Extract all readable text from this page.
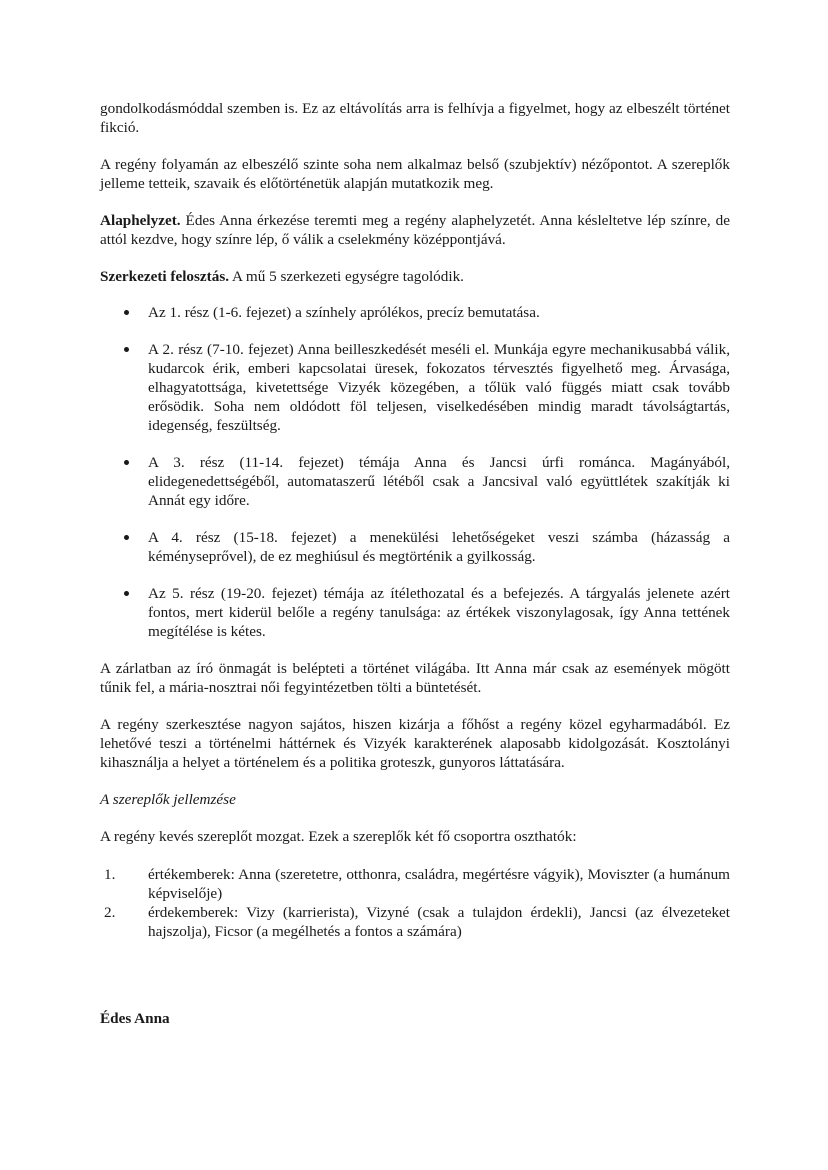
gondolkodásmóddal szemben is. Ez az eltávolítás arra is felhívja a figyelmet, hogy az elbeszélt történet fikció.

A regény folyamán az elbeszélő szinte soha nem alkalmaz belső (szubjektív) nézőpontot. A szereplők jelleme tetteik, szavaik és előtörténetük alapján mutatkozik meg.

Alaphelyzet. Édes Anna érkezése teremti meg a regény alaphelyzetét. Anna késleltetve lép színre, de attól kezdve, hogy színre lép, ő válik a cselekmény középpontjává.

Szerkezeti felosztás. A mű 5 szerkezeti egységre tagolódik.

Az 1. rész (1-6. fejezet) a színhely aprólékos, precíz bemutatása.
A 2. rész (7-10. fejezet) Anna beilleszkedését meséli el. Munkája egyre mechanikusabbá válik, kudarcok érik, emberi kapcsolatai üresek, fokozatos térvesztés figyelhető meg. Árvasága, elhagyatottsága, kivetettsége Vizyék közegében, a tőlük való függés miatt csak tovább erősödik. Soha nem oldódott föl teljesen, viselkedésében mindig maradt távolságtartás, idegenség, feszültség.
A 3. rész (11-14. fejezet) témája Anna és Jancsi úrfi románca. Magányából, elidegenedettségéből, automataszerű létéből csak a Jancsival való együttlétek szakítják ki Annát egy időre.
A 4. rész (15-18. fejezet) a menekülési lehetőségeket veszi számba (házasság a kéményseprővel), de ez meghiúsul és megtörténik a gyilkosság.
Az 5. rész (19-20. fejezet) témája az ítélethozatal és a befejezés. A tárgyalás jelenete azért fontos, mert kiderül belőle a regény tanulsága: az értékek viszonylagosak, így Anna tettének megítélése is kétes.

A zárlatban az író önmagát is belépteti a történet világába. Itt Anna már csak az események mögött tűnik fel, a mária-nosztrai női fegyintézetben tölti a büntetését.

A regény szerkesztése nagyon sajátos, hiszen kizárja a főhőst a regény közel egyharmadából. Ez lehetővé teszi a történelmi háttérnek és Vizyék karakterének alaposabb kidolgozását. Kosztolányi kihasználja a helyet a történelem és a politika groteszk, gunyoros láttatására.

A szereplők jellemzése

A regény kevés szereplőt mozgat. Ezek a szereplők két fő csoportra oszthatók:

1. értékemberek: Anna (szeretetre, otthonra, családra, megértésre vágyik), Moviszter (a humánum képviselője)
2. érdekemberek: Vizy (karrierista), Vizyné (csak a tulajdon érdekli), Jancsi (az élvezeteket hajszolja), Ficsor (a megélhetés a fontos a számára)

Édes Anna
